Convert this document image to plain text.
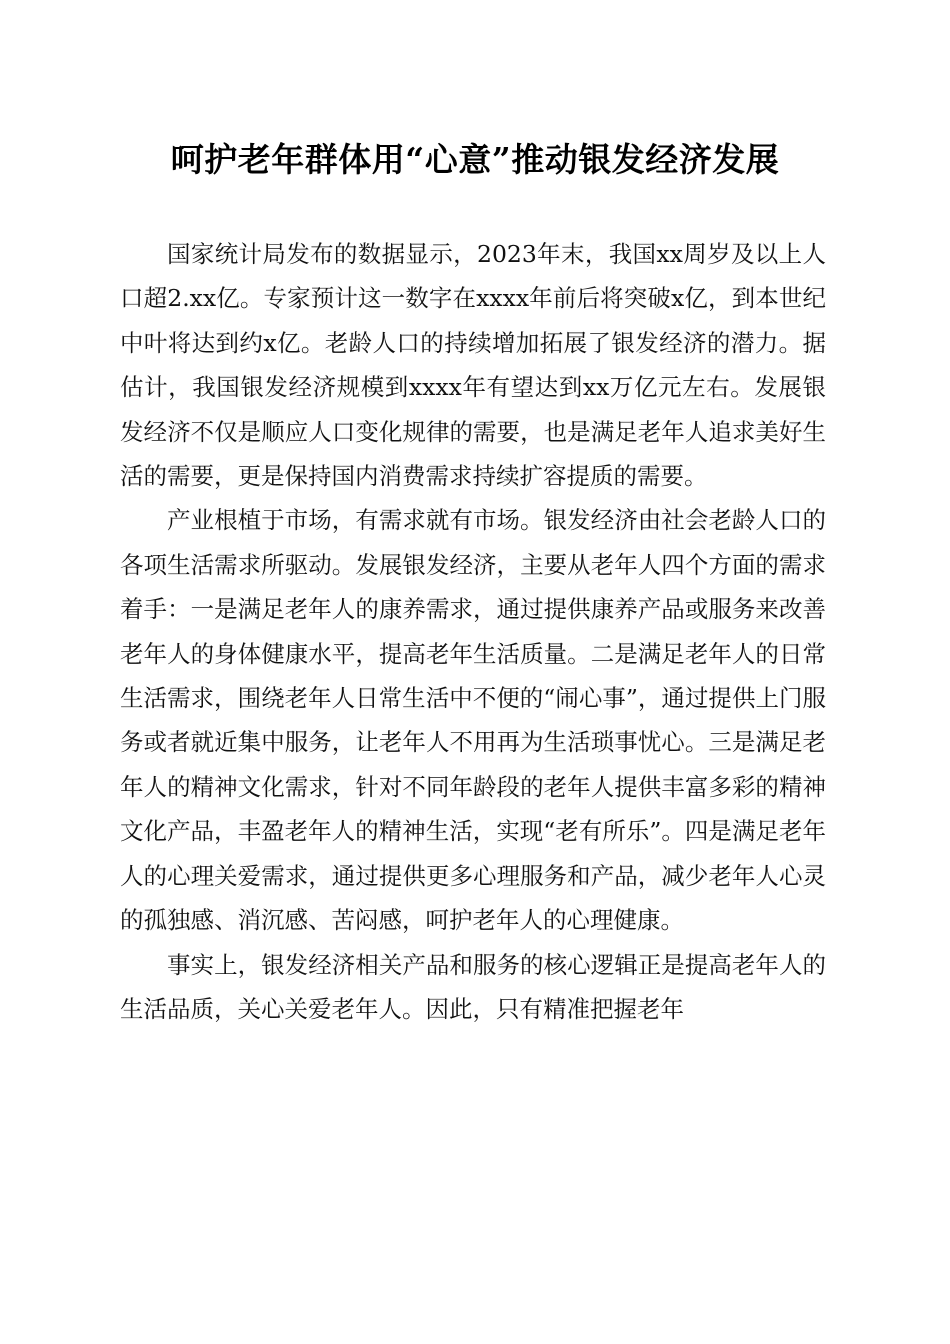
呵护老年群体用“心意”推动银发经济发展

国家统计局发布的数据显示，2023年末，我国xx周岁及以上人口超2.xx亿。专家预计这一数字在xxxx年前后将突破x亿，到本世纪中叶将达到约x亿。老龄人口的持续增加拓展了银发经济的潜力。据估计，我国银发经济规模到xxxx年有望达到xx万亿元左右。发展银发经济不仅是顺应人口变化规律的需要，也是满足老年人追求美好生活的需要，更是保持国内消费需求持续扩容提质的需要。

产业根植于市场，有需求就有市场。银发经济由社会老龄人口的各项生活需求所驱动。发展银发经济，主要从老年人四个方面的需求着手：一是满足老年人的康养需求，通过提供康养产品或服务来改善老年人的身体健康水平，提高老年生活质量。二是满足老年人的日常生活需求，围绕老年人日常生活中不便的“闹心事”，通过提供上门服务或者就近集中服务，让老年人不用再为生活琐事忧心。三是满足老年人的精神文化需求，针对不同年龄段的老年人提供丰富多彩的精神文化产品，丰盈老年人的精神生活，实现“老有所乐”。四是满足老年人的心理关爱需求，通过提供更多心理服务和产品，减少老年人心灵的孤独感、消沉感、苦闷感，呵护老年人的心理健康。

事实上，银发经济相关产品和服务的核心逻辑正是提高老年人的生活品质，关心关爱老年人。因此，只有精准把握老年
